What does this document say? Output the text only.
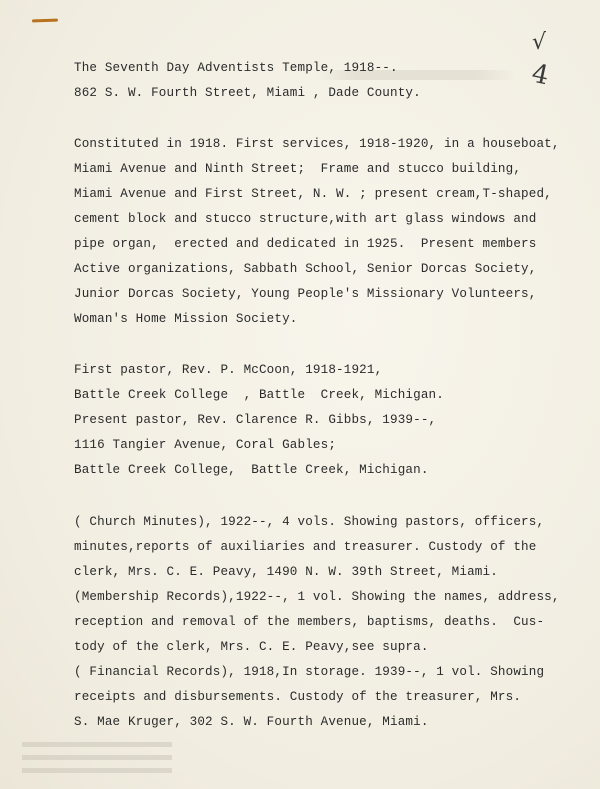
√
4
The Seventh Day Adventists Temple, 1918--.
862 S. W. Fourth Street, Miami , Dade County.
Constituted in 1918. First services, 1918-1920, in a houseboat,
Miami Avenue and Ninth Street;  Frame and stucco building,
Miami Avenue and First Street, N. W. ; present cream,T-shaped,
cement block and stucco structure,with art glass windows and
pipe organ,  erected and dedicated in 1925.  Present members
Active organizations, Sabbath School, Senior Dorcas Society,
Junior Dorcas Society, Young People's Missionary Volunteers,
Woman's Home Mission Society.
First pastor, Rev. P. McCoon, 1918-1921,
Battle Creek College  , Battle  Creek, Michigan.
Present pastor, Rev. Clarence R. Gibbs, 1939--,
1116 Tangier Avenue, Coral Gables;
Battle Creek College,  Battle Creek, Michigan.
( Church Minutes), 1922--, 4 vols. Showing pastors, officers,
minutes,reports of auxiliaries and treasurer. Custody of the
clerk, Mrs. C. E. Peavy, 1490 N. W. 39th Street, Miami.
(Membership Records),1922--, 1 vol. Showing the names, address,
reception and removal of the members, baptisms, deaths.  Cus-
tody of the clerk, Mrs. C. E. Peavy,see supra.
( Financial Records), 1918,In storage. 1939--, 1 vol. Showing
receipts and disbursements. Custody of the treasurer, Mrs.
S. Mae Kruger, 302 S. W. Fourth Avenue, Miami.
